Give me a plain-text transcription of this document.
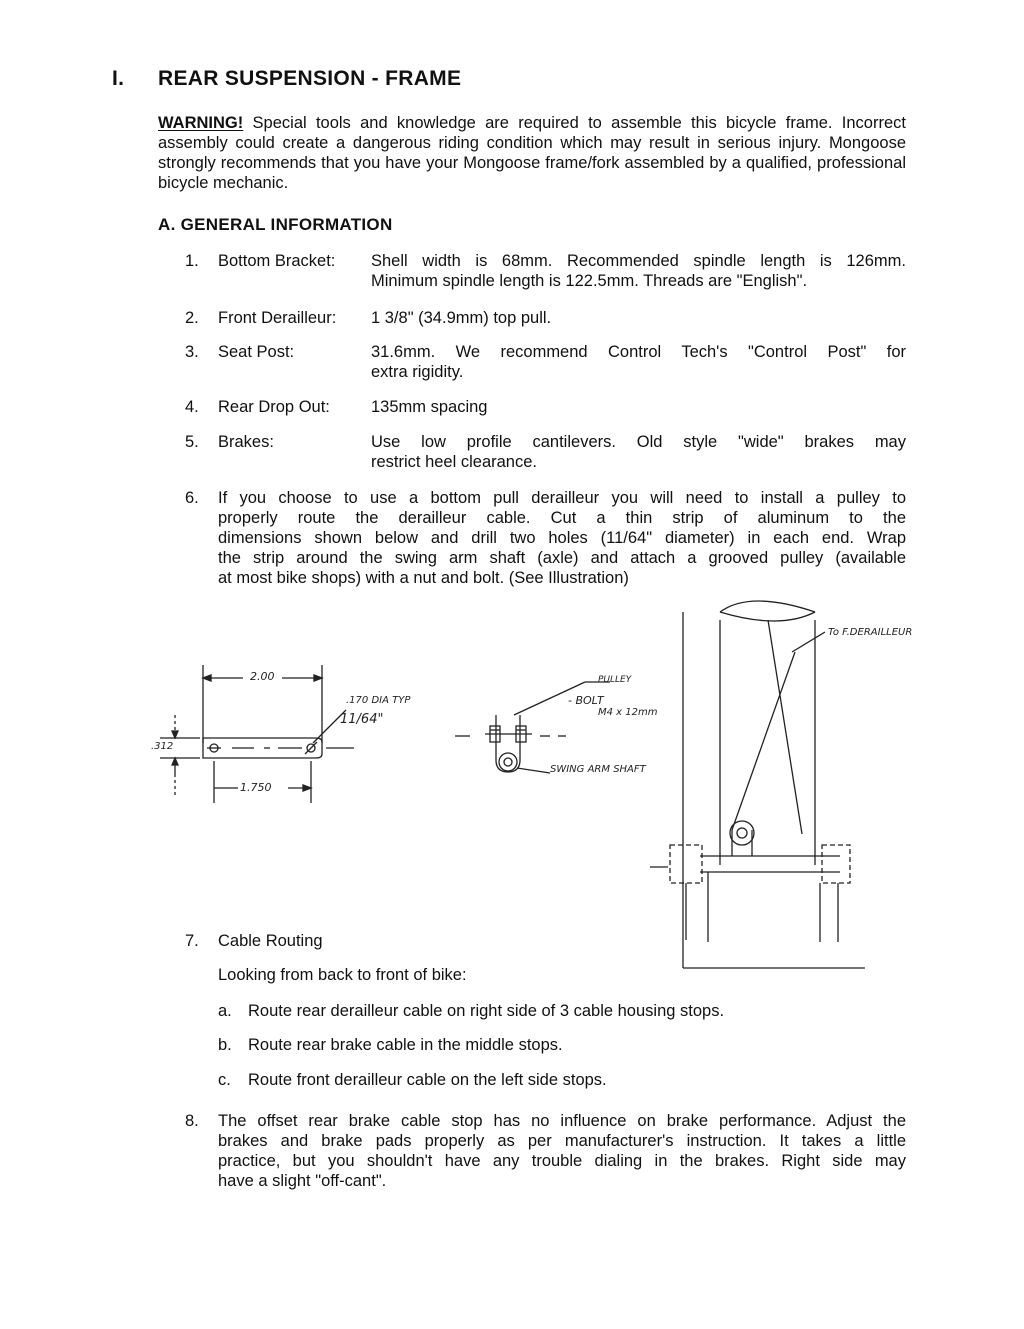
I. REAR SUSPENSION - FRAME
WARNING! Special tools and knowledge are required to assemble this bicycle frame. Incorrect assembly could create a dangerous riding condition which may result in serious injury. Mongoose strongly recommends that you have your Mongoose frame/fork assembled by a qualified, professional bicycle mechanic.
A. GENERAL INFORMATION
1. Bottom Bracket: Shell width is 68mm. Recommended spindle length is 126mm.
Minimum spindle length is 122.5mm. Threads are "English".
2. Front Derailleur: 1 3/8" (34.9mm) top pull.
3. Seat Post:	31.6mm. We recommend Control Tech's "Control Post" for
extra rigidity.
4. Rear Drop Out: 135mm spacing
5. Brakes:	Use low profile cantilevers. Old style "wide" brakes may
restrict heel clearance.
6. If you choose to use a bottom pull derailleur you will need to install a pulley to
properly route the derailleur cable. Cut a thin strip of aluminum to the
dimensions shown below and drill two holes (11/64" diameter) in each end. Wrap
the strip around the swing arm shaft (axle) and attach a grooved pulley (available
at most bike shops) with a nut and bolt. (See Illustration)
2.00
.312
1.750
.170 DIA TYP
11/64"
PULLEY
- BOLT
M4 x 12mm
SWING ARM SHAFT
To F.DERAILLEUR
7. Cable Routing
Looking from back to front of bike:
a. Route rear derailleur cable on right side of 3 cable housing stops.
b. Route rear brake cable in the middle stops.
c. Route front derailleur cable on the left side stops.
8. The offset rear brake cable stop has no influence on brake performance. Adjust the
brakes and brake pads properly as per manufacturer's instruction. It takes a little
practice, but you shouldn't have any trouble dialing in the brakes. Right side may
have a slight "off-cant".
